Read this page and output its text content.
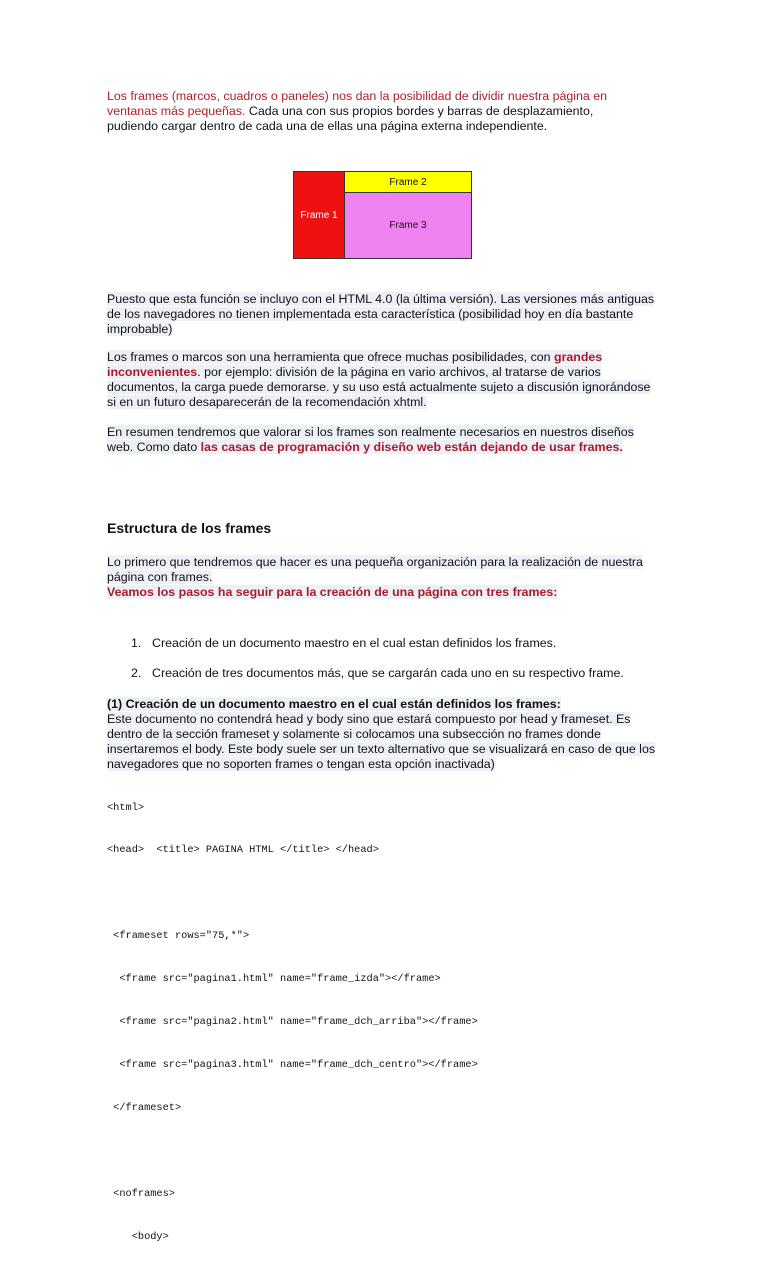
Los frames (marcos, cuadros o paneles) nos dan la posibilidad de dividir nuestra página en ventanas más pequeñas. Cada una con sus propios bordes y barras de desplazamiento, pudiendo cargar dentro de cada una de ellas una página externa independiente.

Frame 1
Frame 2
Frame 3

Puesto que esta función se incluyo con el HTML 4.0 (la última versión). Las versiones más antiguas de los navegadores no tienen implementada esta característica (posibilidad hoy en día bastante improbable)

Los frames o marcos son una herramienta que ofrece muchas posibilidades, con grandes inconvenientes. por ejemplo: división de la página en vario archivos, al tratarse de varios documentos, la carga puede demorarse. y su uso está actualmente sujeto a discusión ignorándose si en un futuro desaparecerán de la recomendación xhtml.

En resumen tendremos que valorar si los frames son realmente necesarios en nuestros diseños web. Como dato las casas de programación y diseño web están dejando de usar frames.

Estructura de los frames

Lo primero que tendremos que hacer es una pequeña organización para la realización de nuestra página con frames.
Veamos los pasos ha seguir para la creación de una página con tres frames:

1. Creación de un documento maestro en el cual estan definidos los frames.
2. Creación de tres documentos más, que se cargarán cada uno en su respectivo frame.

(1) Creación de un documento maestro en el cual están definidos los frames:
Este documento no contendrá head y body sino que estará compuesto por head y frameset. Es dentro de la sección frameset y solamente si colocamos una subsección no frames donde insertaremos el body. Este body suele ser un texto alternativo que se visualizará en caso de que los navegadores que no soporten frames o tengan esta opción inactivada)

<html>

<head>  <title> PAGINA HTML </title> </head>

<frameset rows="75,*">

<frame src="pagina1.html" name="frame_izda"></frame>

<frame src="pagina2.html" name="frame_dch_arriba"></frame>

<frame src="pagina3.html" name="frame_dch_centro"></frame>

</frameset>

<noframes>

<body>
